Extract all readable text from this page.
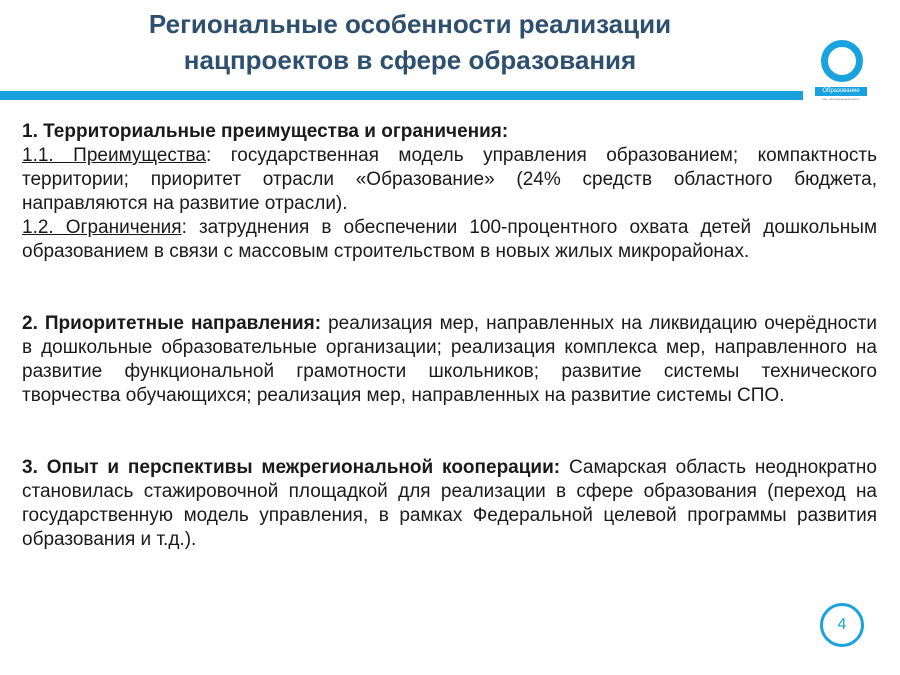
Региональные особенности реализации
нацпроектов в сфере образования
Образование
нац. национальный проект

1. Территориальные преимущества и ограничения:

1.1. Преимущества: государственная модель управления образованием; компактность территории; приоритет отрасли «Образование» (24% средств областного бюджета, направляются на развитие отрасли).

1.2. Ограничения: затруднения в обеспечении 100-процентного охвата детей дошкольным образованием в связи с массовым строительством в новых жилых микрорайонах.

2. Приоритетные направления: реализация мер, направленных на ликвидацию очерёдности в дошкольные образовательные организации; реализация комплекса мер, направленного на развитие функциональной грамотности школьников; развитие системы технического творчества обучающихся; реализация мер, направленных на развитие системы СПО.

3. Опыт и перспективы межрегиональной кооперации: Самарская область неоднократно становилась стажировочной площадкой для реализации в сфере образования (переход на государственную модель управления, в рамках Федеральной целевой программы развития образования и т.д.).

4
